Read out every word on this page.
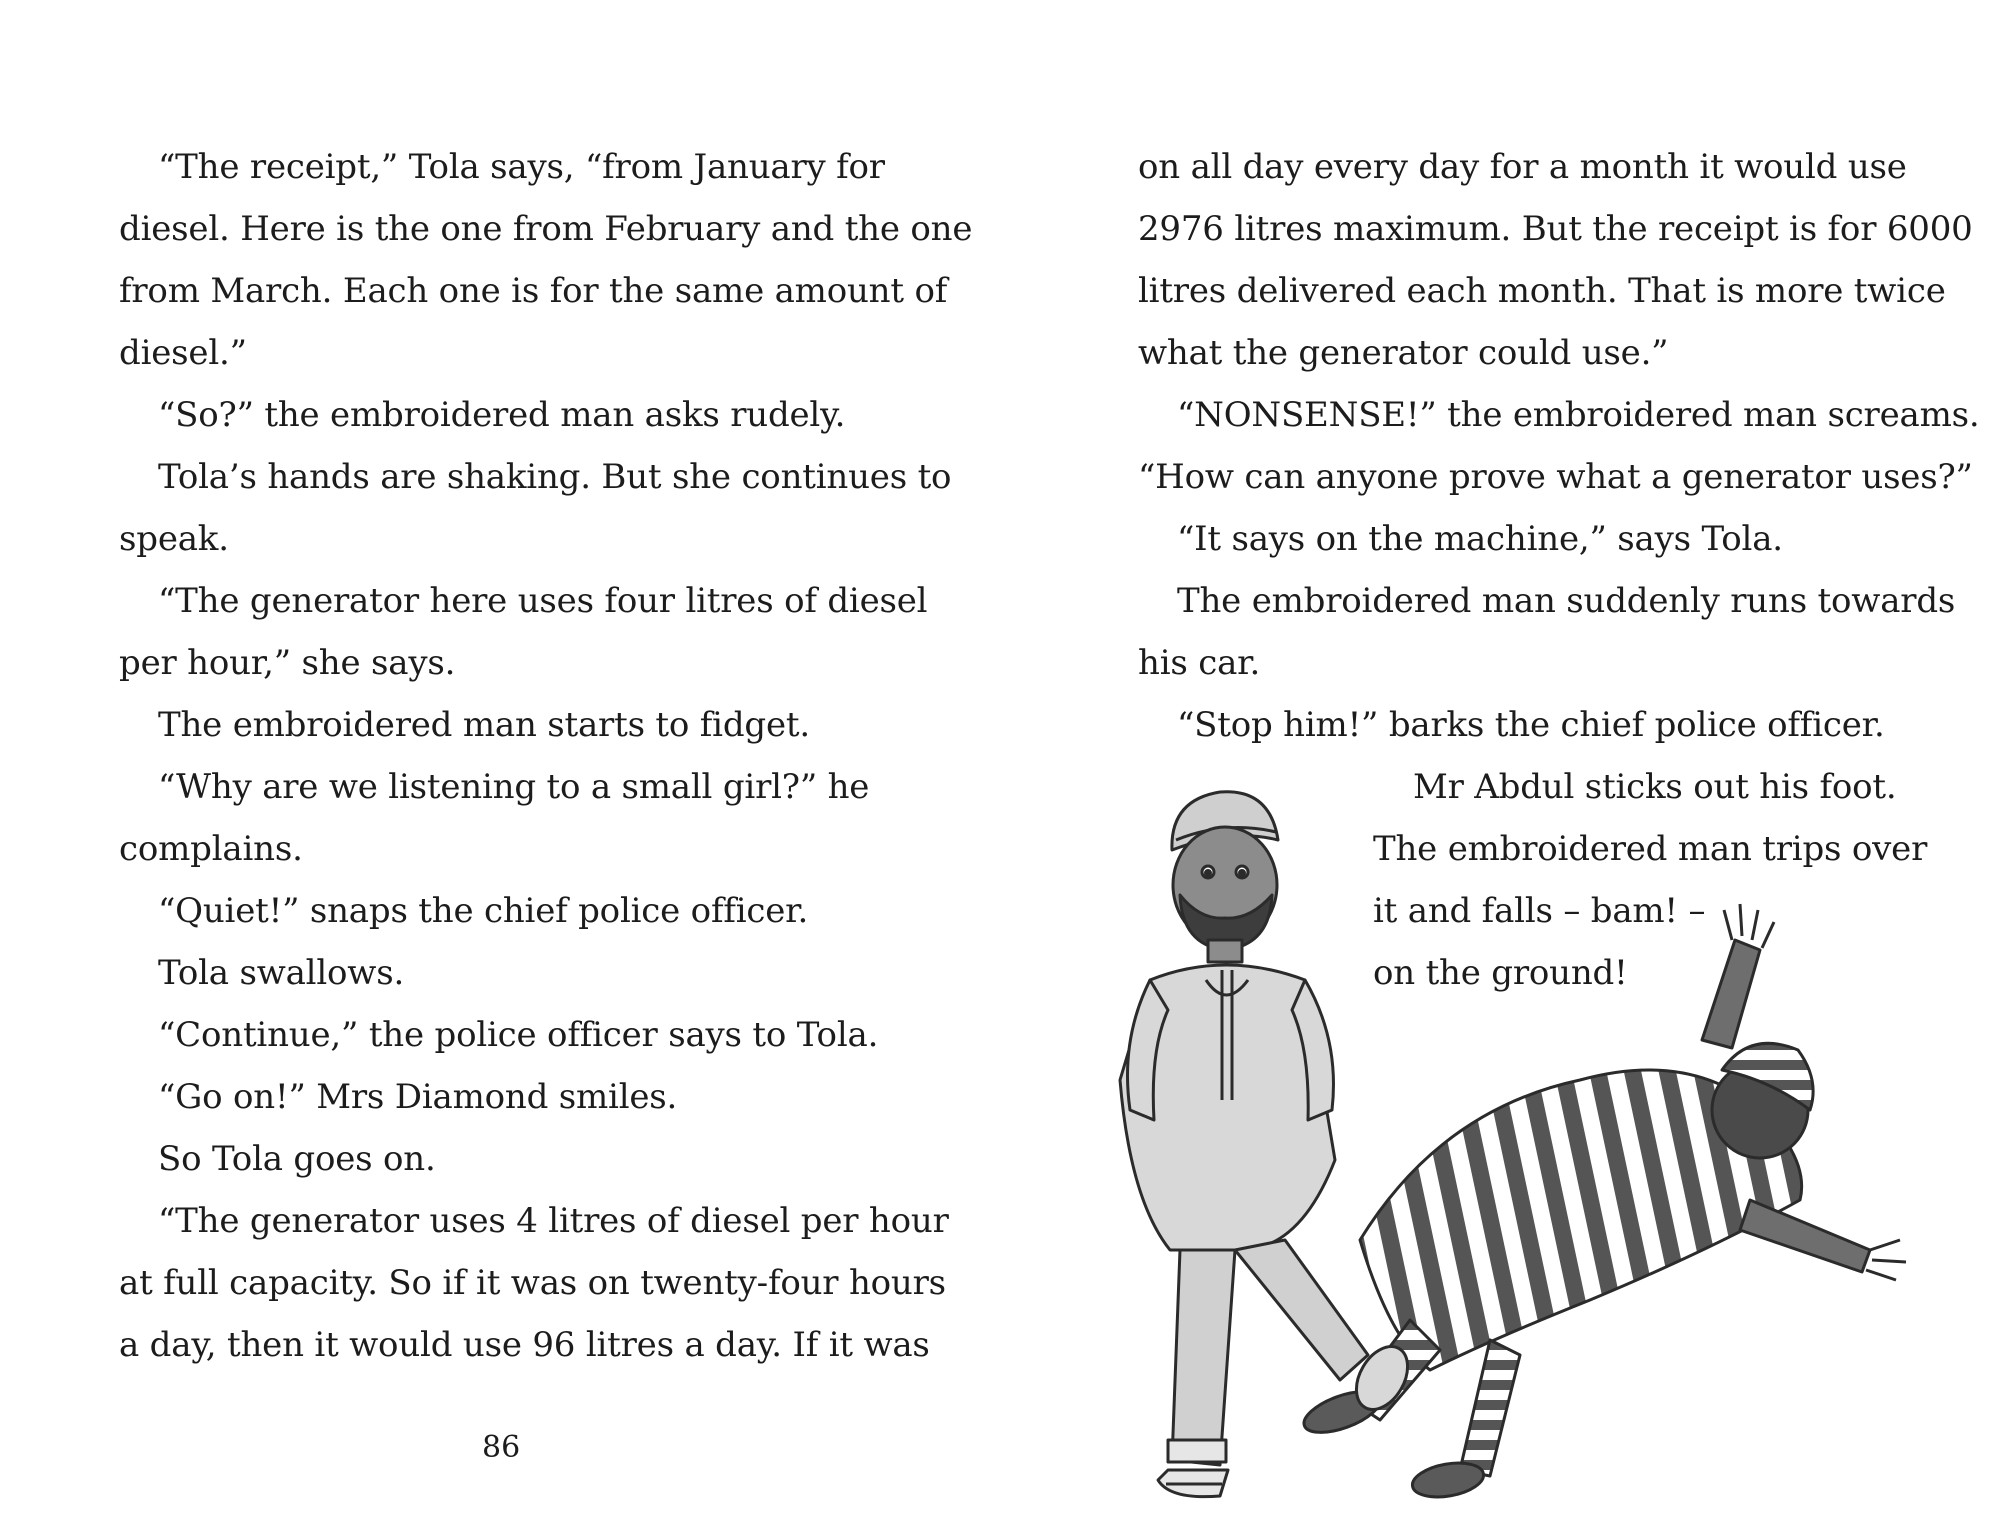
“The receipt,” Tola says, “from January for
diesel. Here is the one from February and the one
from March. Each one is for the same amount of
diesel.”
“So?” the embroidered man asks rudely.
Tola’s hands are shaking. But she continues to
speak.
“The generator here uses four litres of diesel
per hour,” she says.
The embroidered man starts to fidget.
“Why are we listening to a small girl?” he
complains.
“Quiet!” snaps the chief police officer.
Tola swallows.
“Continue,” the police officer says to Tola.
“Go on!” Mrs Diamond smiles.
So Tola goes on.
“The generator uses 4 litres of diesel per hour
at full capacity. So if it was on twenty-four hours
a day, then it would use 96 litres a day. If it was
86
on all day every day for a month it would use
2976 litres maximum. But the receipt is for 6000
litres delivered each month. That is more twice
what the generator could use.”
“NONSENSE!” the embroidered man screams.
“How can anyone prove what a generator uses?”
“It says on the machine,” says Tola.
The embroidered man suddenly runs towards
his car.
“Stop him!” barks the chief police officer.
Mr Abdul sticks out his foot.
The embroidered man trips over
it and falls – bam! –
on the ground!
